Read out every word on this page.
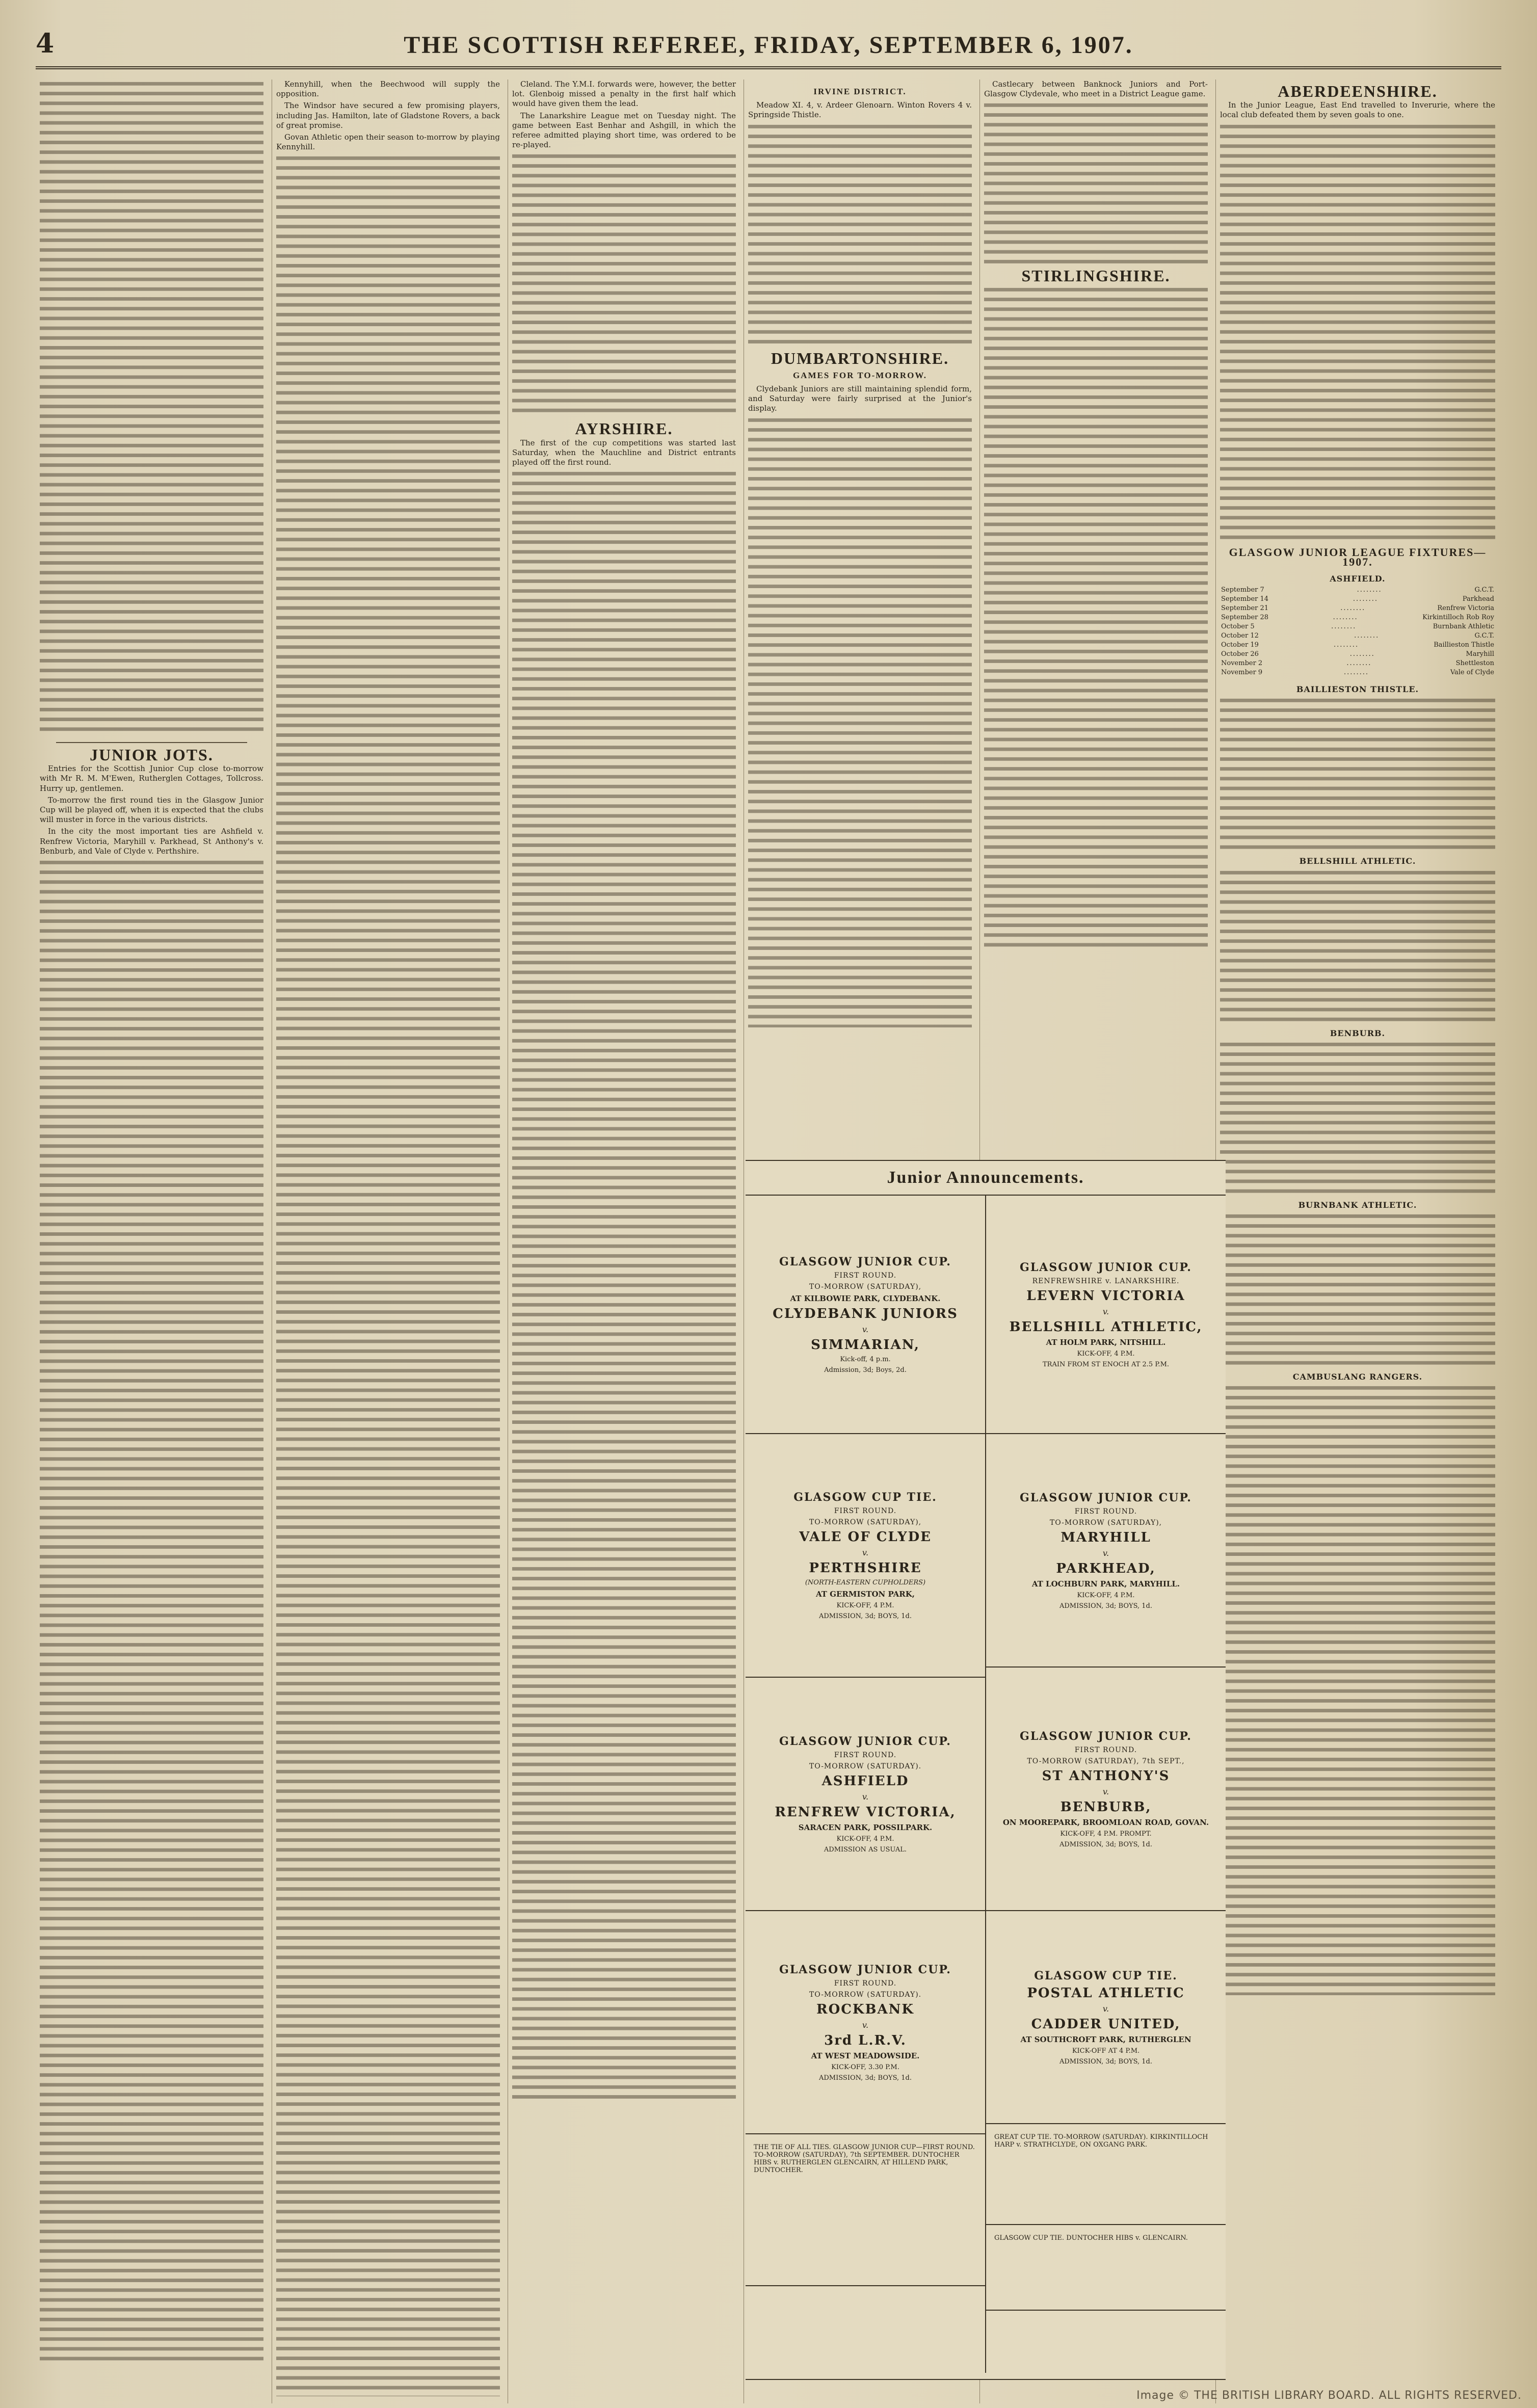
4	THE SCOTTISH REFEREE, FRIDAY, SEPTEMBER 6, 1907.
JUNIOR JOTS.

Entries for the Scottish Junior Cup close to-morrow with Mr R. M. M'Ewen, Rutherglen Cottages, Tollcross. Hurry up, gentlemen.

To-morrow the first round ties in the Glasgow Junior Cup will be played off, when it is expected that the clubs will muster in force in the various districts.

In the city the most important ties are Ashfield v. Renfrew Victoria, Maryhill v. Parkhead, St Anthony's v. Benburb, and Vale of Clyde v. Perthshire.

Kennyhill, when the Beechwood will supply the opposition.

The Windsor have secured a few promising players, including Jas. Hamilton, late of Gladstone Rovers, a back of great promise.

Govan Athletic open their season to-morrow by playing Kennyhill.

Cleland. The Y.M.I. forwards were, however, the better lot. Glenboig missed a penalty in the first half which would have given them the lead.

The Lanarkshire League met on Tuesday night. The game between East Benhar and Ashgill, in which the referee admitted playing short time, was ordered to be re-played.

AYRSHIRE.

The first of the cup competitions was started last Saturday, when the Mauchline and District entrants played off the first round.

IRVINE DISTRICT.

Meadow XI. 4, v. Ardeer Glenoarn. Winton Rovers 4 v. Springside Thistle.

DUMBARTONSHIRE.
GAMES FOR TO-MORROW.

Clydebank Juniors are still maintaining splendid form, and Saturday were fairly surprised at the Junior's display.

Castlecary between Banknock Juniors and Port-Glasgow Clydevale, who meet in a District League game.

STIRLINGSHIRE.
ABERDEENSHIRE.

In the Junior League, East End travelled to Inverurie, where the local club defeated them by seven goals to one.

GLASGOW JUNIOR LEAGUE FIXTURES—1907.
ASHFIELD.
September 7	........	G.C.T.
September 14	........	Parkhead
September 21	........	Renfrew Victoria
September 28	........	Kirkintilloch Rob Roy
October 5	........	Burnbank Athletic
October 12	........	G.C.T.
October 19	........	Baillieston Thistle
October 26	........	Maryhill
November 2	........	Shettleston
November 9	........	Vale of Clyde
BAILLIESTON THISTLE.
BELLSHILL ATHLETIC.
BENBURB.
BURNBANK ATHLETIC.
CAMBUSLANG RANGERS.
Junior Announcements.
GLASGOW JUNIOR CUP.
FIRST ROUND.
TO-MORROW (SATURDAY),
AT KILBOWIE PARK, CLYDEBANK.
CLYDEBANK JUNIORS
v.
SIMMARIAN,
Kick-off, 4 p.m.
Admission, 3d; Boys, 2d.
GLASGOW CUP TIE.
FIRST ROUND.
TO-MORROW (SATURDAY),
VALE OF CLYDE
v.
PERTHSHIRE
(NORTH-EASTERN CUPHOLDERS)
AT GERMISTON PARK,
KICK-OFF, 4 P.M.
ADMISSION, 3d; BOYS, 1d.
GLASGOW JUNIOR CUP.
FIRST ROUND.
TO-MORROW (SATURDAY).
ASHFIELD
v.
RENFREW VICTORIA,
SARACEN PARK, POSSILPARK.
KICK-OFF, 4 P.M.
ADMISSION AS USUAL.
GLASGOW JUNIOR CUP.
FIRST ROUND.
TO-MORROW (SATURDAY).
ROCKBANK
v.
3rd L.R.V.
AT WEST MEADOWSIDE.
KICK-OFF, 3.30 P.M.
ADMISSION, 3d; BOYS, 1d.
THE TIE OF ALL TIES. GLASGOW JUNIOR CUP—FIRST ROUND. TO-MORROW (SATURDAY), 7th SEPTEMBER. DUNTOCHER HIBS v. RUTHERGLEN GLENCAIRN, AT HILLEND PARK, DUNTOCHER.
GLASGOW JUNIOR CUP.
RENFREWSHIRE v. LANARKSHIRE.
LEVERN VICTORIA
v.
BELLSHILL ATHLETIC,
AT HOLM PARK, NITSHILL.
KICK-OFF, 4 P.M.
TRAIN FROM ST ENOCH AT 2.5 P.M.
GLASGOW JUNIOR CUP.
FIRST ROUND.
TO-MORROW (SATURDAY),
MARYHILL
v.
PARKHEAD,
AT LOCHBURN PARK, MARYHILL.
KICK-OFF, 4 P.M.
ADMISSION, 3d; BOYS, 1d.
GLASGOW JUNIOR CUP.
FIRST ROUND.
TO-MORROW (SATURDAY), 7th SEPT.,
ST ANTHONY'S
v.
BENBURB,
ON MOOREPARK, BROOMLOAN ROAD, GOVAN.
KICK-OFF, 4 P.M. PROMPT.
ADMISSION, 3d; BOYS, 1d.
GLASGOW CUP TIE.
POSTAL ATHLETIC
v.
CADDER UNITED,
AT SOUTHCROFT PARK, RUTHERGLEN
KICK-OFF AT 4 P.M.
ADMISSION, 3d; BOYS, 1d.
GREAT CUP TIE. TO-MORROW (SATURDAY). KIRKINTILLOCH HARP v. STRATHCLYDE, ON OXGANG PARK.
GLASGOW CUP TIE. DUNTOCHER HIBS v. GLENCAIRN.
Image © THE BRITISH LIBRARY BOARD. ALL RIGHTS RESERVED.
